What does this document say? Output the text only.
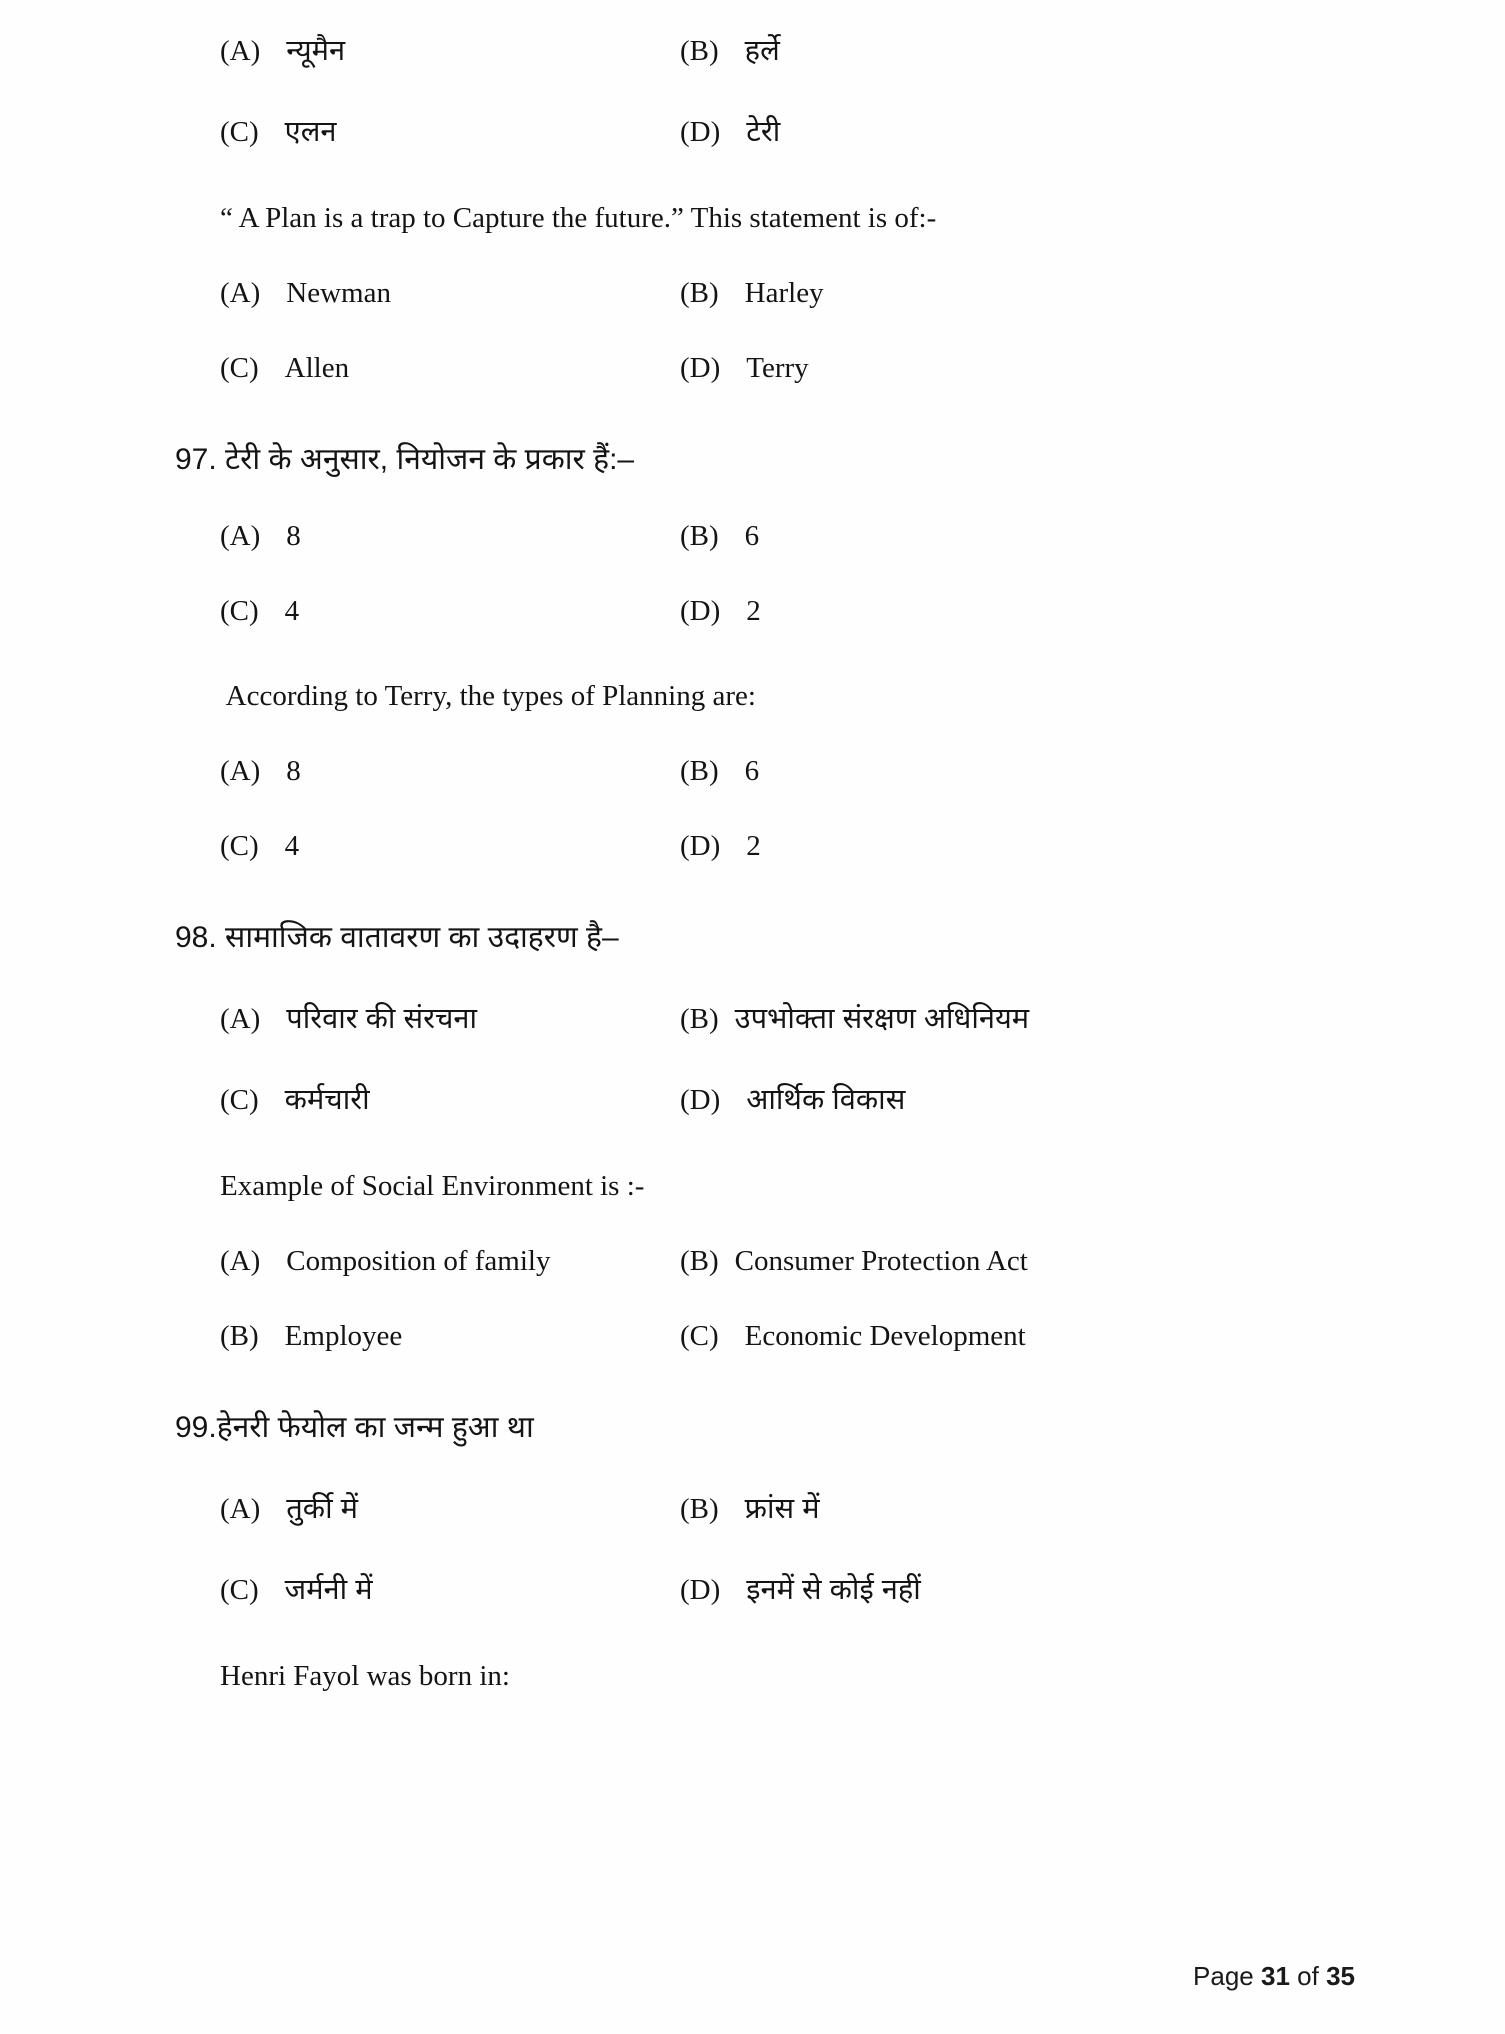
(A) न्यूमैन	(B) हर्ले
(C) एलन	(D) टेरी
“ A Plan is a trap to Capture the future.” This statement is of:-
(A) Newman	(B) Harley
(C) Allen	(D) Terry
97. टेरी के अनुसार, नियोजन के प्रकार हैं:–
(A) 8	(B) 6
(C) 4	(D) 2
According to Terry, the types of Planning are:
(A) 8	(B) 6
(C) 4	(D) 2
98. सामाजिक वातावरण का उदाहरण है–
(A) परिवार की संरचना	(B) उपभोक्ता संरक्षण अधिनियम
(C) कर्मचारी	(D) आर्थिक विकास
Example of Social Environment is :-
(A) Composition of family	(B) Consumer Protection Act
(B) Employee	(C) Economic Development
99.हेनरी फेयोल का जन्म हुआ था
(A) तुर्की में	(B) फ्रांस में
(C) जर्मनी में	(D) इनमें से कोई नहीं
Henri Fayol was born in:
Page 31 of 35
